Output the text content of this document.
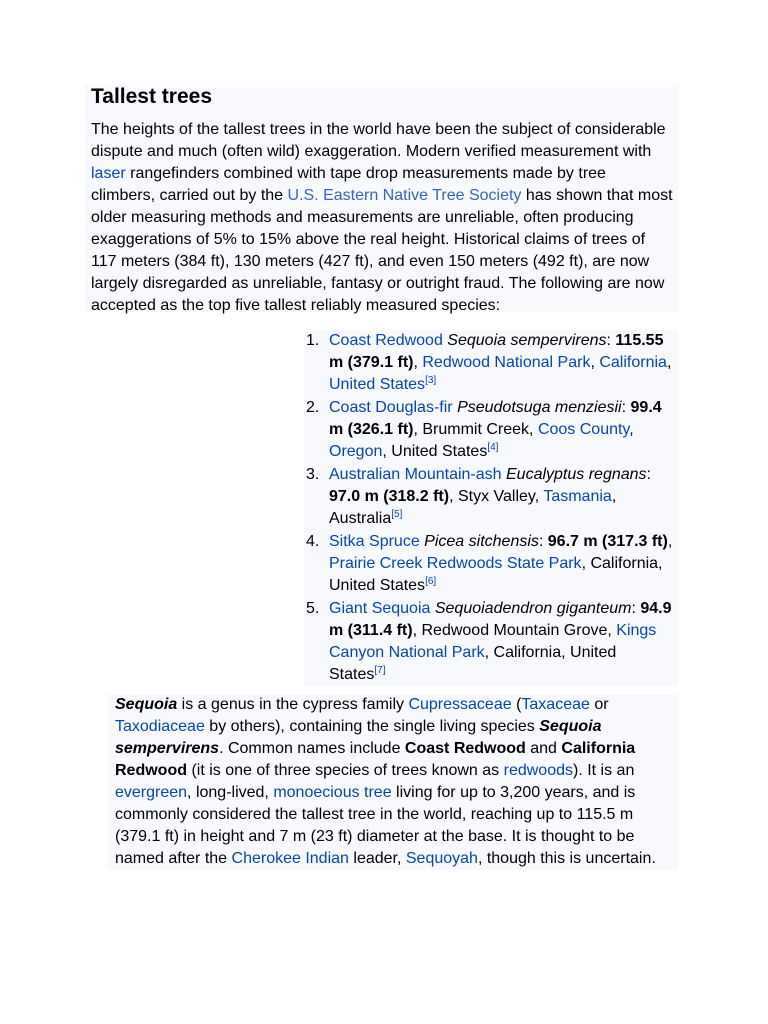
Tallest trees

The heights of the tallest trees in the world have been the subject of considerable dispute and much (often wild) exaggeration. Modern verified measurement with laser rangefinders combined with tape drop measurements made by tree climbers, carried out by the U.S. Eastern Native Tree Society has shown that most older measuring methods and measurements are unreliable, often producing exaggerations of 5% to 15% above the real height. Historical claims of trees of 117 meters (384 ft), 130 meters (427 ft), and even 150 meters (492 ft), are now largely disregarded as unreliable, fantasy or outright fraud. The following are now accepted as the top five tallest reliably measured species:

1. Coast Redwood Sequoia sempervirens: 115.55 m (379.1 ft), Redwood National Park, California, United States[3]
2. Coast Douglas-fir Pseudotsuga menziesii: 99.4 m (326.1 ft), Brummit Creek, Coos County, Oregon, United States[4]
3. Australian Mountain-ash Eucalyptus regnans: 97.0 m (318.2 ft), Styx Valley, Tasmania, Australia[5]
4. Sitka Spruce Picea sitchensis: 96.7 m (317.3 ft), Prairie Creek Redwoods State Park, California, United States[6]
5. Giant Sequoia Sequoiadendron giganteum: 94.9 m (311.4 ft), Redwood Mountain Grove, Kings Canyon National Park, California, United States[7]

Sequoia is a genus in the cypress family Cupressaceae (Taxaceae or Taxodiaceae by others), containing the single living species Sequoia sempervirens. Common names include Coast Redwood and California Redwood (it is one of three species of trees known as redwoods). It is an evergreen, long-lived, monoecious tree living for up to 3,200 years, and is commonly considered the tallest tree in the world, reaching up to 115.5 m (379.1 ft) in height and 7 m (23 ft) diameter at the base. It is thought to be named after the Cherokee Indian leader, Sequoyah, though this is uncertain.
